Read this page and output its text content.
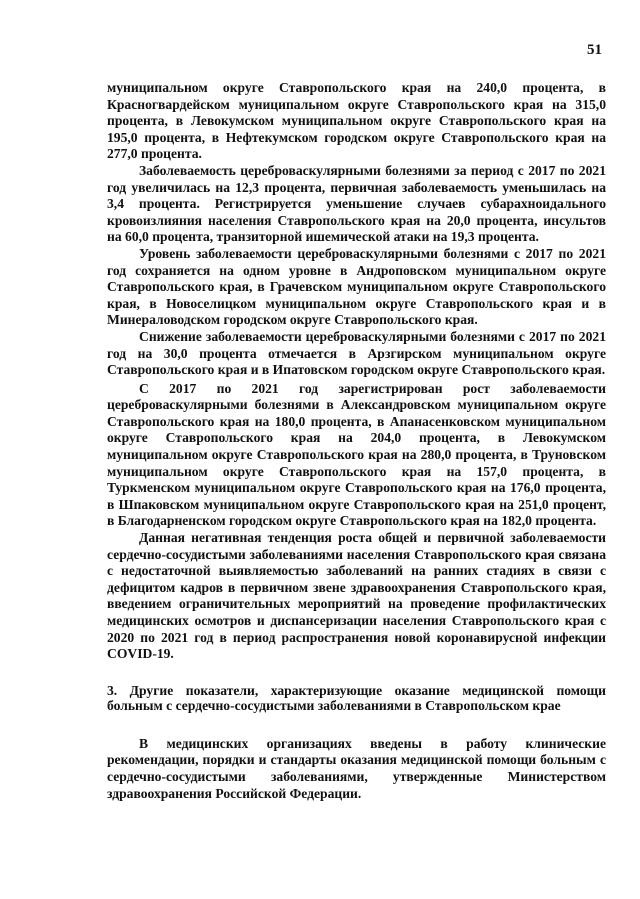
51

муниципальном округе Ставропольского края на 240,0 процента, в Красногвардейском муниципальном округе Ставропольского края на 315,0 процента, в Левокумском муниципальном округе Ставропольского края на 195,0 процента, в Нефтекумском городском округе Ставропольского края на 277,0 процента.

Заболеваемость цереброваскулярными болезнями за период с 2017 по 2021 год увеличилась на 12,3 процента, первичная заболеваемость уменьшилась на 3,4 процента. Регистрируется уменьшение случаев субарахноидального кровоизлияния населения Ставропольского края на 20,0 процента, инсультов на 60,0 процента, транзиторной ишемической атаки на 19,3 процента.

Уровень заболеваемости цереброваскулярными болезнями с 2017 по 2021 год сохраняется на одном уровне в Андроповском муниципальном округе Ставропольского края, в Грачевском муниципальном округе Ставропольского края, в Новоселицком муниципальном округе Ставропольского края и в Минераловодском городском округе Ставропольского края.

Снижение заболеваемости цереброваскулярными болезнями с 2017 по 2021 год на 30,0 процента отмечается в Арзгирском муниципальном округе Ставропольского края и в Ипатовском городском округе Ставропольского края.

С 2017 по 2021 год зарегистрирован рост заболеваемости цереброваскулярными болезнями в Александровском муниципальном округе Ставропольского края на 180,0 процента, в Апанасенковском муниципальном округе Ставропольского края на 204,0 процента, в Левокумском муниципальном округе Ставропольского края на 280,0 процента, в Труновском муниципальном округе Ставропольского края на 157,0 процента, в Туркменском муниципальном округе Ставропольского края на 176,0 процента, в Шпаковском муниципальном округе Ставропольского края на 251,0 процент, в Благодарненском городском округе Ставропольского края на 182,0 процента.

Данная негативная тенденция роста общей и первичной заболеваемости сердечно-сосудистыми заболеваниями населения Ставропольского края связана с недостаточной выявляемостью заболеваний на ранних стадиях в связи с дефицитом кадров в первичном звене здравоохранения Ставропольского края, введением ограничительных мероприятий на проведение профилактических медицинских осмотров и диспансеризации населения Ставропольского края с 2020 по 2021 год в период распространения новой коронавирусной инфекции COVID-19.

3. Другие показатели, характеризующие оказание медицинской помощи больным с сердечно-сосудистыми заболеваниями в Ставропольском крае

В медицинских организациях введены в работу клинические рекомендации, порядки и стандарты оказания медицинской помощи больным с сердечно-сосудистыми заболеваниями, утвержденные Министерством здравоохранения Российской Федерации.
